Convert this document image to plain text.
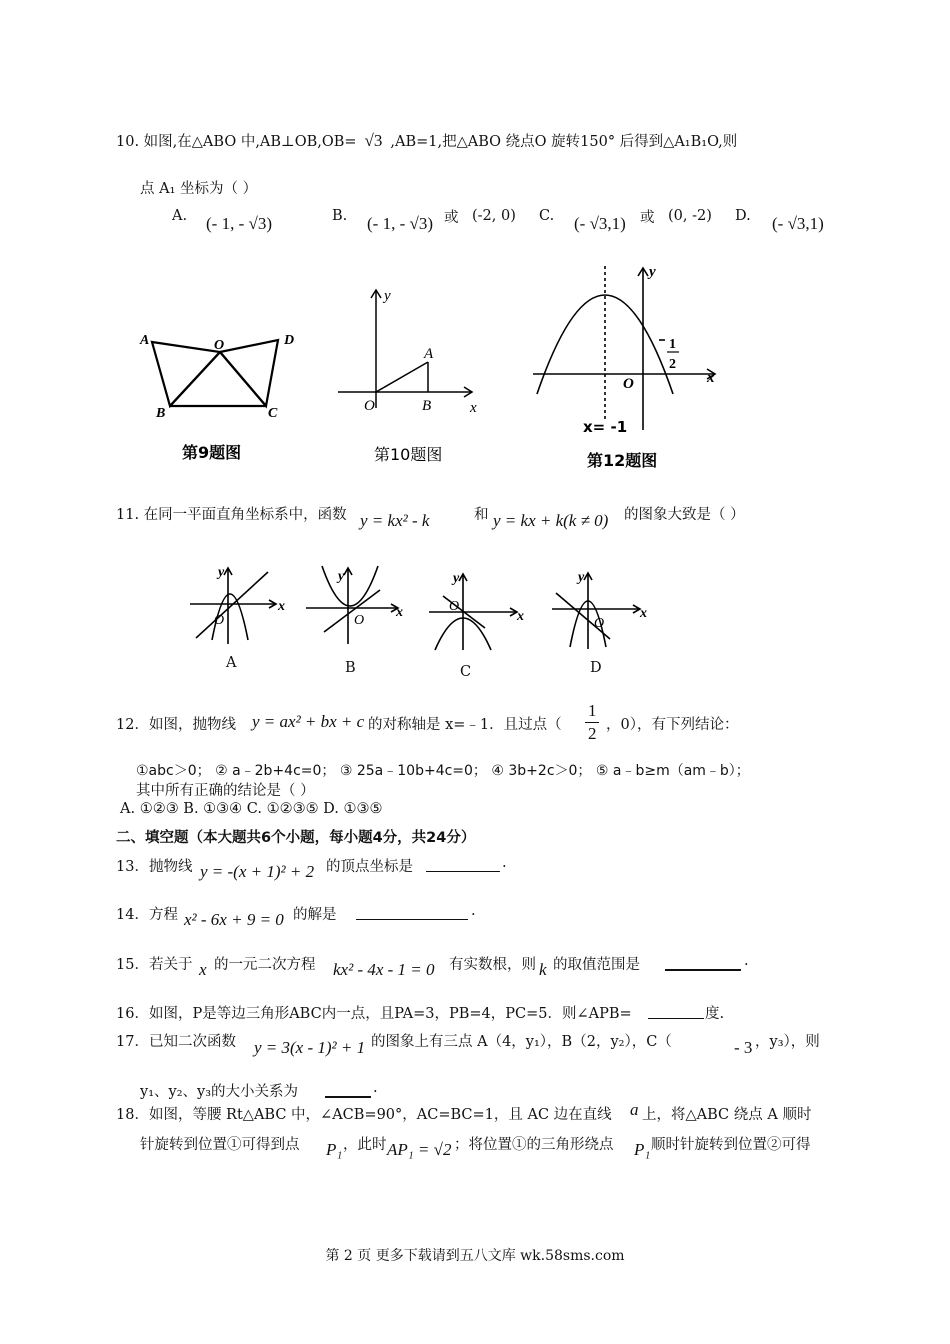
10. 如图,在△ABO 中,AB⊥OB,OB= √3 ,AB=1,把△ABO 绕点O 旋转150° 后得到△A₁B₁O,则
点 A₁ 坐标为（ ）
A. (- 1, - √3)	B. (- 1, - √3) 或 (-2, 0) C. (- √3,1) 或 (0, -2) D. (- √3,1)
A	O	D
B	C
第9题图
y
x
O
A
B
第10题图
y
x
O
1
2
x= -1
第12题图
11. 在同一平面直角坐标系中，函数 y = kx² - k	和 y = kx + k(k ≠ 0) 的图象大致是（ ）
y
x
O
A
y
x
O
B
y
x
O
C
y
x
O
D
12．如图，抛物线 y = ax² + bx + c 的对称轴是 x=﹣1．且过点（
1
2 ，0），有下列结论：
①abc＞0； ② a﹣2b+4c=0； ③ 25a﹣10b+4c=0； ④ 3b+2c＞0； ⑤ a﹣b≥m（am﹣b）；
其中所有正确的结论是（ ）
A. ①②③ B. ①③④ C. ①②③⑤ D. ①③⑤
二、填空题（本大题共6个小题，每小题4分，共24分）
13．抛物线 y = -(x + 1)² + 2 的顶点坐标是	.
14．方程 x² - 6x + 9 = 0 的解是	.
15．若关于 x 的一元二次方程 kx² - 4x - 1 = 0 有实数根，则 k 的取值范围是	.
16．如图，P是等边三角形ABC内一点，且PA=3，PB=4，PC=5．则∠APB=	度.
17．已知二次函数 y = 3(x - 1)² + 1 的图象上有三点 A（4，y₁），B（2，y₂），C（	- 3 ，y₃），则
y₁、y₂、y₃的大小关系为	.
18．如图，等腰 Rt△ABC 中，∠ACB=90°，AC=BC=1，且 AC 边在直线 a 上，将△ABC 绕点 A 顺时
针旋转到位置①可得到点 P₁ ，此时 AP₁ = √2 ；将位置①的三角形绕点 P₁ 顺时针旋转到位置②可得
第 2 页 更多下载请到五八文库 wk.58sms.com
